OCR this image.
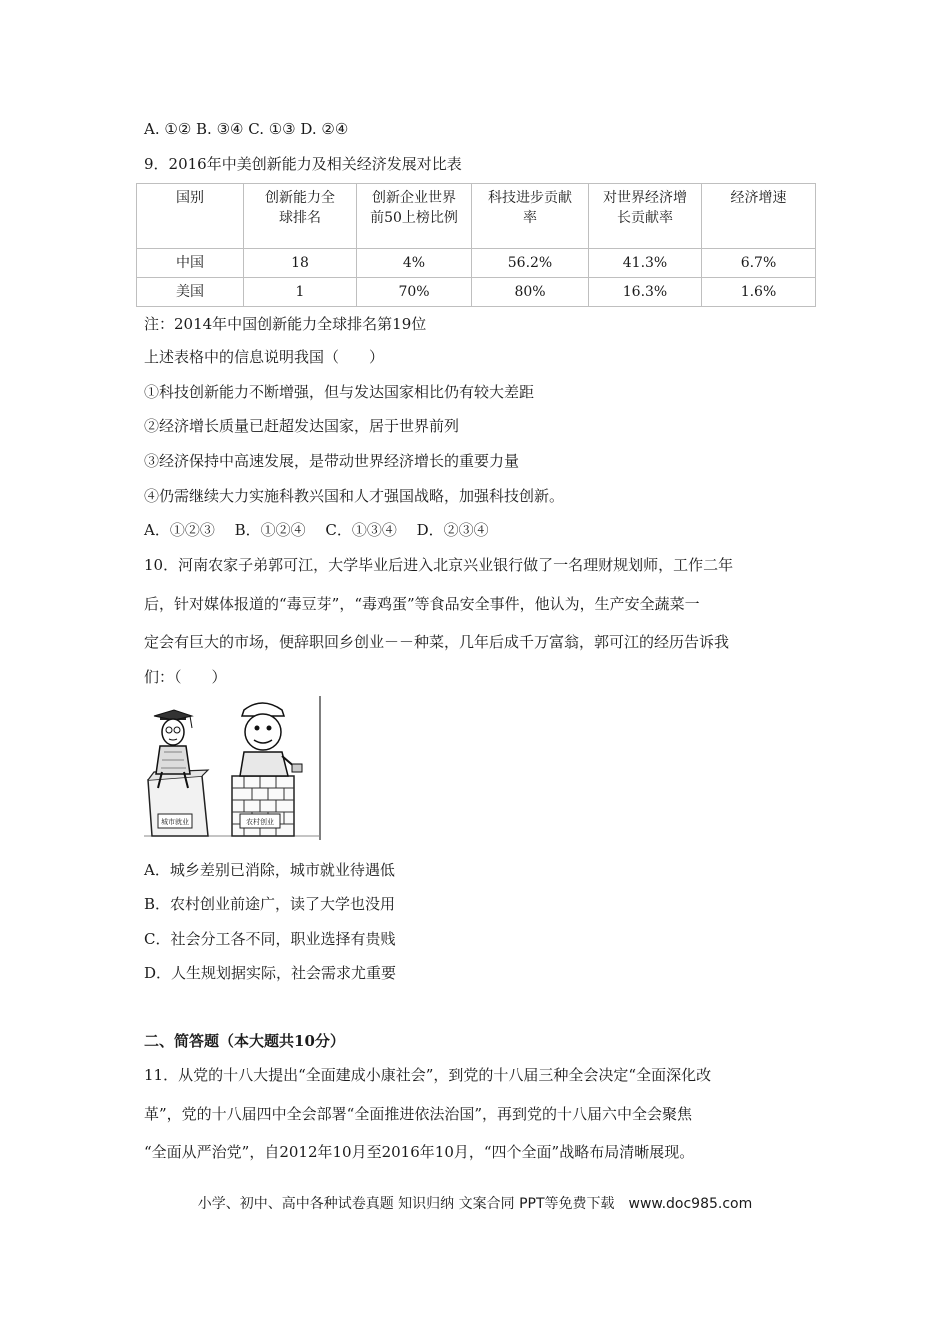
A. ①② B. ③④ C. ①③ D. ②④
9．2016年中美创新能力及相关经济发展对比表
国别	创新能力全球排名	创新企业世界前50上榜比例	科技进步贡献率	对世界经济增长贡献率	经济增速
中国	18	4%	56.2%	41.3%	6.7%
美国	1	70%	80%	16.3%	1.6%
注：2014年中国创新能力全球排名第19位
上述表格中的信息说明我国（　　）
①科技创新能力不断增强，但与发达国家相比仍有较大差距
②经济增长质量已赶超发达国家，居于世界前列
③经济保持中高速发展，是带动世界经济增长的重要力量
④仍需继续大力实施科教兴国和人才强国战略，加强科技创新。
A．①②③　 B．①②④　 C．①③④　 D．②③④
10．河南农家子弟郭可江，大学毕业后进入北京兴业银行做了一名理财规划师，工作二年
后，针对媒体报道的“毒豆芽”，“毒鸡蛋”等食品安全事件，他认为，生产安全蔬菜一
定会有巨大的市场，便辞职回乡创业－－种菜，几年后成千万富翁，郭可江的经历告诉我
们：（　　）
城市就业	农村创业
A．城乡差别已消除，城市就业待遇低
B．农村创业前途广，读了大学也没用
C．社会分工各不同，职业选择有贵贱
D．人生规划据实际，社会需求尤重要
二、简答题（本大题共10分）
11．从党的十八大提出“全面建成小康社会”，到党的十八届三种全会决定“全面深化改
革”，党的十八届四中全会部署“全面推进依法治国”，再到党的十八届六中全会聚焦
“全面从严治党”，自2012年10月至2016年10月，“四个全面”战略布局清晰展现。
小学、初中、高中各种试卷真题 知识归纳 文案合同 PPT等免费下载　www.doc985.com
